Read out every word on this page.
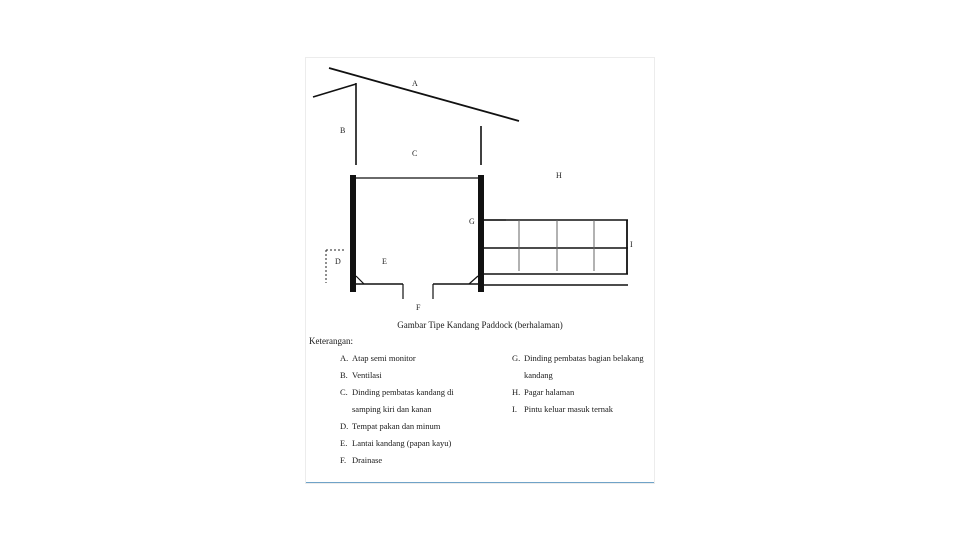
A
B
C
D	E
F
G
H
I
Gambar Tipe Kandang Paddock (berhalaman)
Keterangan:
A. Atap semi monitor
B. Ventilasi
C. Dinding pembatas kandang di samping kiri dan kanan
D. Tempat pakan dan minum
E. Lantai kandang (papan kayu)
F. Drainase
G. Dinding pembatas bagian belakang kandang
H. Pagar halaman
I. Pintu keluar masuk ternak
